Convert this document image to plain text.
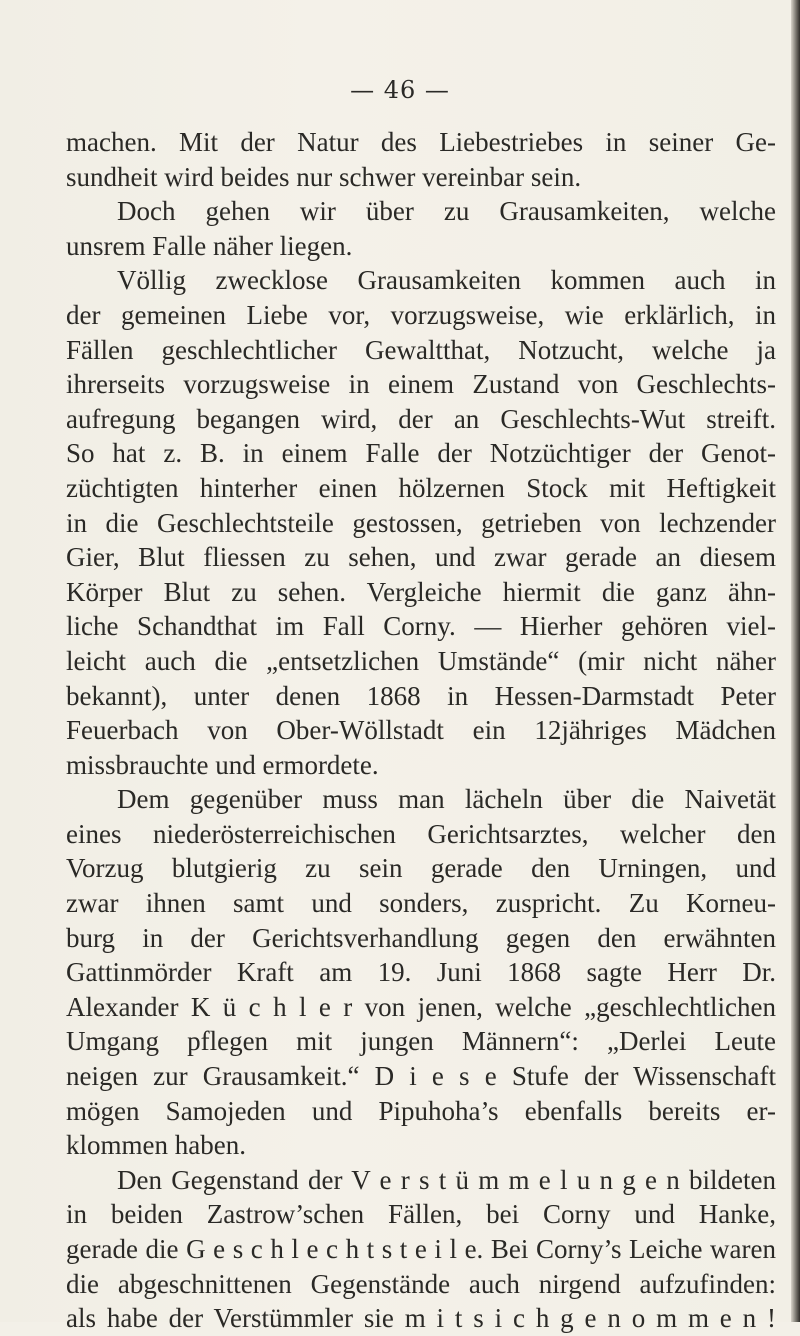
— 46 —
machen. Mit der Natur des Liebestriebes in seiner Ge-
sundheit wird beides nur schwer vereinbar sein.
Doch gehen wir über zu Grausamkeiten, welche
unsrem Falle näher liegen.
Völlig zwecklose Grausamkeiten kommen auch in
der gemeinen Liebe vor, vorzugsweise, wie erklärlich, in
Fällen geschlechtlicher Gewaltthat, Notzucht, welche ja
ihrerseits vorzugsweise in einem Zustand von Geschlechts-
aufregung begangen wird, der an Geschlechts-Wut streift.
So hat z. B. in einem Falle der Notzüchtiger der Genot-
züchtigten hinterher einen hölzernen Stock mit Heftigkeit
in die Geschlechtsteile gestossen, getrieben von lechzender
Gier, Blut fliessen zu sehen, und zwar gerade an diesem
Körper Blut zu sehen. Vergleiche hiermit die ganz ähn-
liche Schandthat im Fall Corny. — Hierher gehören viel-
leicht auch die „entsetzlichen Umstände“ (mir nicht näher
bekannt), unter denen 1868 in Hessen-Darmstadt Peter
Feuerbach von Ober-Wöllstadt ein 12jähriges Mädchen
missbrauchte und ermordete.
Dem gegenüber muss man lächeln über die Naivetät
eines niederösterreichischen Gerichtsarztes, welcher den
Vorzug blutgierig zu sein gerade den Urningen, und
zwar ihnen samt und sonders, zuspricht. Zu Korneu-
burg in der Gerichtsverhandlung gegen den erwähnten
Gattinmörder Kraft am 19. Juni 1868 sagte Herr Dr.
Alexander K ü c h l e r von jenen, welche „geschlechtlichen
Umgang pflegen mit jungen Männern“: „Derlei Leute
neigen zur Grausamkeit.“ D i e s e Stufe der Wissenschaft
mögen Samojeden und Pipuhoha’s ebenfalls bereits er-
klommen haben.
Den Gegenstand der V e r s t ü m m e l u n g e n bildeten
in beiden Zastrow’schen Fällen, bei Corny und Hanke,
gerade die G e s c h l e c h t s t e i l e. Bei Corny’s Leiche waren
die abgeschnittenen Gegenstände auch nirgend aufzufinden:
als habe der Verstümmler sie m i t s i c h g e n o m m e n !
